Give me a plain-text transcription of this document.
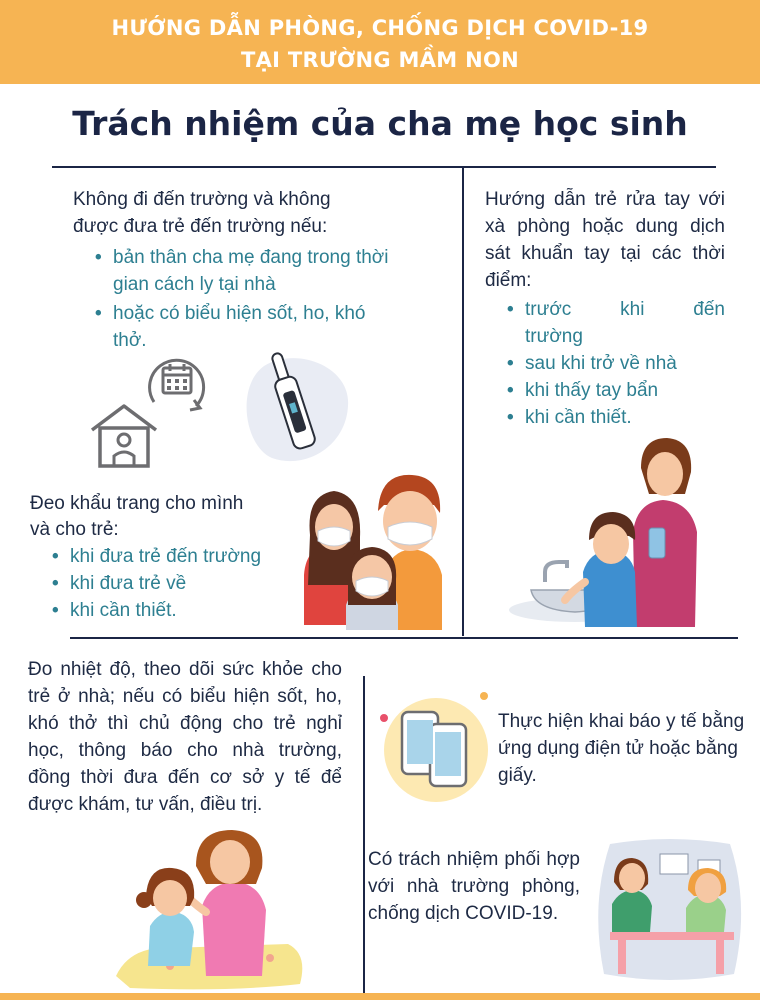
HƯỚNG DẪN PHÒNG, CHỐNG DỊCH COVID-19
TẠI TRƯỜNG MẦM NON
Trách nhiệm của cha mẹ học sinh
Không đi đến trường và không
được đưa trẻ đến trường nếu:
• bản thân cha mẹ đang trong thời gian cách ly tại nhà
• hoặc có biểu hiện sốt, ho, khó thở.
Đeo khẩu trang cho mình
và cho trẻ:
• khi đưa trẻ đến trường
• khi đưa trẻ về
• khi cần thiết.
Hướng dẫn trẻ rửa tay với xà phòng hoặc dung dịch sát khuẩn tay tại các thời điểm:
• trước khi đến trường
• sau khi trở về nhà
• khi thấy tay bẩn
• khi cần thiết.
Đo nhiệt độ, theo dõi sức khỏe cho trẻ ở nhà; nếu có biểu hiện sốt, ho, khó thở thì chủ động cho trẻ nghỉ học, thông báo cho nhà trường, đồng thời đưa đến cơ sở y tế để được khám, tư vấn, điều trị.
Thực hiện khai báo y tế bằng ứng dụng điện tử hoặc bằng giấy.
Có trách nhiệm phối hợp với nhà trường phòng, chống dịch COVID-19.
